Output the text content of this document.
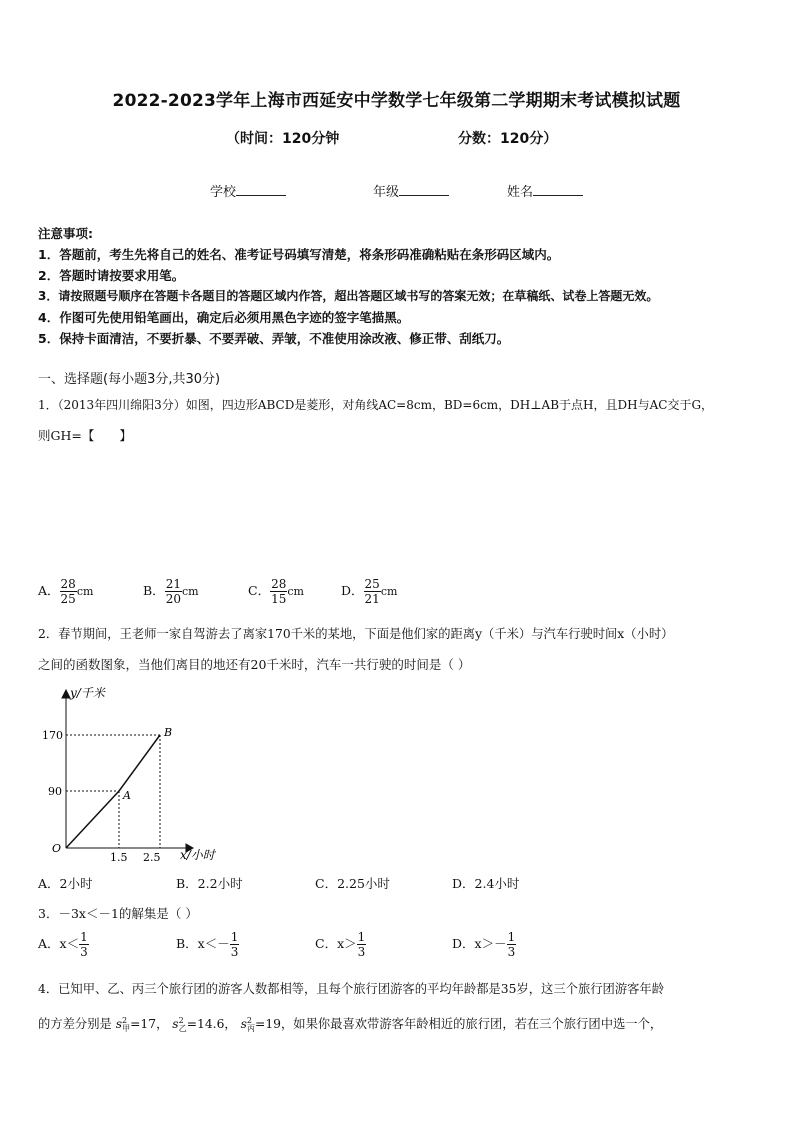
2022-2023学年上海市西延安中学数学七年级第二学期期末考试模拟试题
（时间：120分钟	分数：120分）
学校	年级	姓名
注意事项:
1．答题前，考生先将自己的姓名、准考证号码填写清楚，将条形码准确粘贴在条形码区域内。
2．答题时请按要求用笔。
3．请按照题号顺序在答题卡各题目的答题区域内作答，超出答题区域书写的答案无效；在草稿纸、试卷上答题无效。
4．作图可先使用铅笔画出，确定后必须用黑色字迹的签字笔描黑。
5．保持卡面清洁，不要折暴、不要弄破、弄皱，不准使用涂改液、修正带、刮纸刀。
一、选择题(每小题3分,共30分)
1．（2013年四川绵阳3分）如图，四边形ABCD是菱形，对角线AC=8cm，BD=6cm，DH⊥AB于点H，且DH与AC交于G，
则GH=【　　】
A． $\frac{28}{25}$ cm	B． $\frac{21}{20}$ cm	C． $\frac{28}{15}$ cm	D． $\frac{25}{21}$ cm
2．春节期间，王老师一家自驾游去了离家170千米的某地，下面是他们家的距离y（千米）与汽车行驶时间x（小时）
之间的函数图象，当他们离目的地还有20千米时，汽车一共行驶的时间是（ ）
y/千米
170
90
O
1.5 2.5 x/小时
A
B
A．2小时	B．2.2小时	C．2.25小时	D．2.4小时
3．－3x＜－1的解集是（ ）
A．$x< \frac{1}{3}$	B．$x<- \frac{1}{3}$	C．$x> \frac{1}{3}$	D．$x>- \frac{1}{3}$
4．已知甲、乙、丙三个旅行团的游客人数都相等，且每个旅行团游客的平均年龄都是35岁，这三个旅行团游客年龄
的方差分别是 $s^2_甲=17$， $s^2_乙=14.6$， $s^2_丙=19$，如果你最喜欢带游客年龄相近的旅行团，若在三个旅行团中选一个，
